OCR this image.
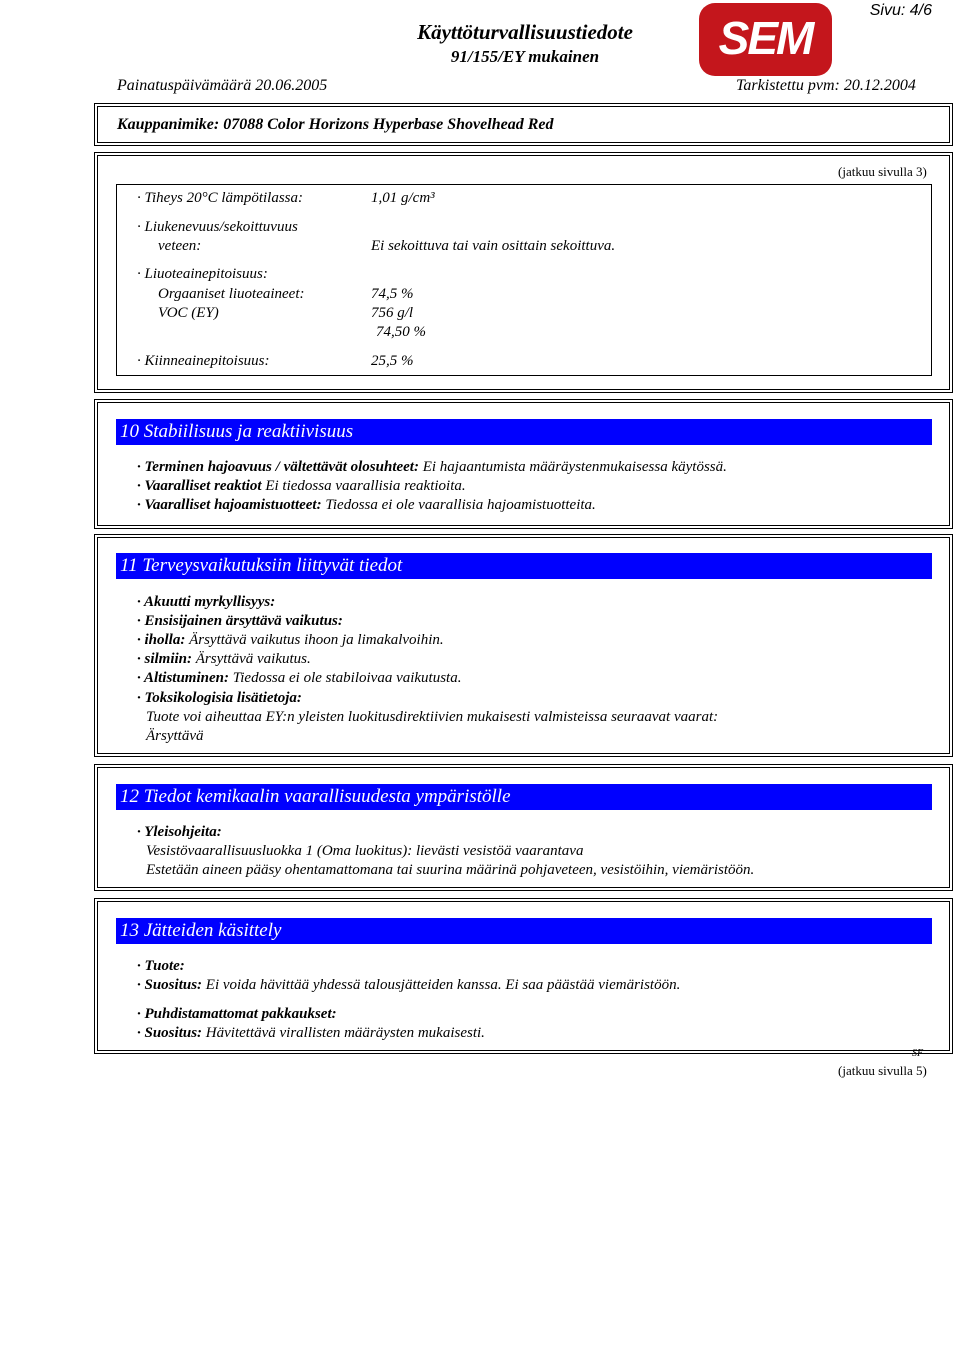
Käyttöturvallisuustiedote
91/155/EY mukainen
Sivu: 4/6
SEM
Painatuspäivämäärä 20.06.2005	Tarkistettu pvm: 20.12.2004
Kauppanimike: 07088 Color Horizons Hyperbase Shovelhead Red
(jatkuu sivulla 3)
· Tiheys 20°C lämpötilassa:	1,01 g/cm³
· Liukenevuus/sekoittuvuus
veteen:	Ei sekoittuva tai vain osittain sekoittuva.
· Liuoteainepitoisuus:
Orgaaniset liuoteaineet:	74,5 %
VOC (EY)	756 g/l
74,50 %
· Kiinneainepitoisuus:	25,5 %
10 Stabiilisuus ja reaktiivisuus
· Terminen hajoavuus / vältettävät olosuhteet: Ei hajaantumista määräystenmukaisessa käytössä.
· Vaaralliset reaktiot Ei tiedossa vaarallisia reaktioita.
· Vaaralliset hajoamistuotteet: Tiedossa ei ole vaarallisia hajoamistuotteita.
11 Terveysvaikutuksiin liittyvät tiedot
· Akuutti myrkyllisyys:
· Ensisijainen ärsyttävä vaikutus:
· iholla: Ärsyttävä vaikutus ihoon ja limakalvoihin.
· silmiin: Ärsyttävä vaikutus.
· Altistuminen: Tiedossa ei ole stabiloivaa vaikutusta.
· Toksikologisia lisätietoja:
Tuote voi aiheuttaa EY:n yleisten luokitusdirektiivien mukaisesti valmisteissa seuraavat vaarat:
Ärsyttävä
12 Tiedot kemikaalin vaarallisuudesta ympäristölle
· Yleisohjeita:
Vesistövaarallisuusluokka 1 (Oma luokitus): lievästi vesistöä vaarantava
Estetään aineen pääsy ohentamattomana tai suurina määrinä pohjaveteen, vesistöihin, viemäristöön.
13 Jätteiden käsittely
· Tuote:
· Suositus: Ei voida hävittää yhdessä talousjätteiden kanssa. Ei saa päästää viemäristöön.
· Puhdistamattomat pakkaukset:
· Suositus: Hävitettävä virallisten määräysten mukaisesti.
SF
(jatkuu sivulla 5)
